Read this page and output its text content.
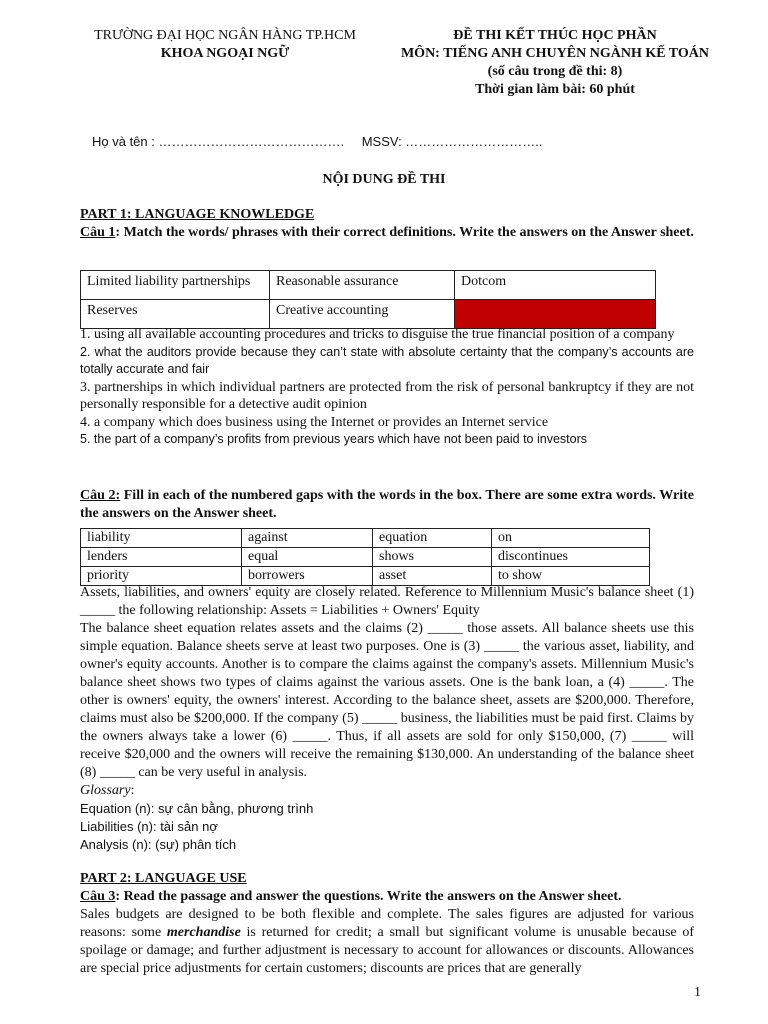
TRƯỜNG ĐẠI HỌC NGÂN HÀNG TP.HCM
KHOA NGOẠI NGỮ
ĐỀ THI KẾT THÚC HỌC PHẦN
MÔN: TIẾNG ANH CHUYÊN NGÀNH KẾ TOÁN
(số câu trong đề thi: 8)
Thời gian làm bài: 60 phút
Họ và tên : ……………………………………. MSSV: …………………………..
NỘI DUNG ĐỀ THI
PART 1: LANGUAGE KNOWLEDGE
Câu 1: Match the words/ phrases with their correct definitions. Write the answers on the Answer sheet.
Limited liability partnerships	Reasonable assurance	Dotcom
Reserves	Creative accounting	
1. using all available accounting procedures and tricks to disguise the true financial position of a company
2. what the auditors provide because they can’t state with absolute certainty that the company’s accounts are totally accurate and fair
3. partnerships in which individual partners are protected from the risk of personal bankruptcy if they are not personally responsible for a detective audit opinion
4. a company which does business using the Internet or provides an Internet service
5. the part of a company’s profits from previous years which have not been paid to investors
Câu 2: Fill in each of the numbered gaps with the words in the box. There are some extra words. Write the answers on the Answer sheet.
liability	against	equation	on
lenders	equal	shows	discontinues
priority	borrowers	asset	to show
Assets, liabilities, and owners' equity are closely related. Reference to Millennium Music's balance sheet (1) _____ the following relationship: Assets = Liabilities + Owners' Equity
The balance sheet equation relates assets and the claims (2) _____ those assets. All balance sheets use this simple equation. Balance sheets serve at least two purposes. One is (3) _____ the various asset, liability, and owner's equity accounts. Another is to compare the claims against the company's assets. Millennium Music's balance sheet shows two types of claims against the various assets. One is the bank loan, a (4) _____. The other is owners' equity, the owners' interest. According to the balance sheet, assets are $200,000. Therefore, claims must also be $200,000. If the company (5) _____ business, the liabilities must be paid first. Claims by the owners always take a lower (6) _____. Thus, if all assets are sold for only $150,000, (7) _____ will receive $20,000 and the owners will receive the remaining $130,000. An understanding of the balance sheet (8) _____ can be very useful in analysis.
Glossary:
Equation (n): sự cân bằng, phương trình
Liabilities (n): tài sản nợ
Analysis (n): (sự) phân tích
PART 2: LANGUAGE USE
Câu 3: Read the passage and answer the questions. Write the answers on the Answer sheet.
Sales budgets are designed to be both flexible and complete. The sales figures are adjusted for various reasons: some merchandise is returned for credit; a small but significant volume is unusable because of spoilage or damage; and further adjustment is necessary to account for allowances or discounts. Allowances are special price adjustments for certain customers; discounts are prices that are generally
1
